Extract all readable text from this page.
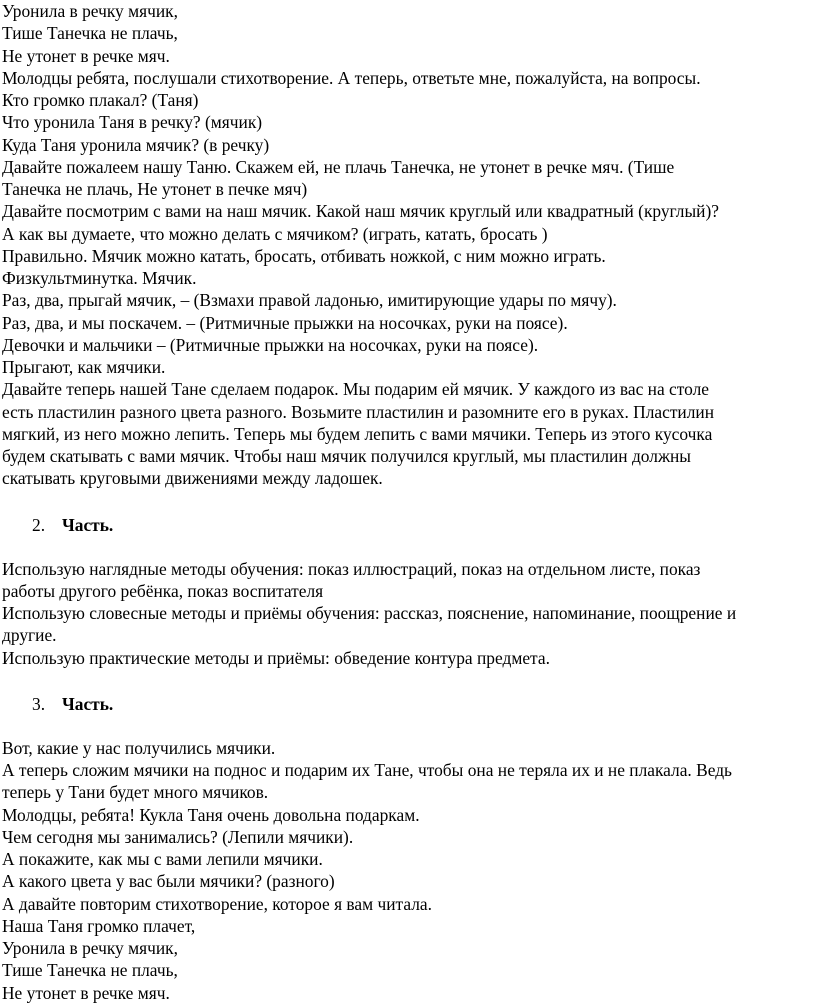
Уронила в речку мячик,
Тише Танечка не плачь,
Не утонет в речке мяч.
Молодцы ребята, послушали стихотворение. А теперь, ответьте мне, пожалуйста, на вопросы.
Кто громко плакал? (Таня)
Что уронила Таня в речку? (мячик)
Куда Таня уронила мячик? (в речку)
Давайте пожалеем нашу Таню. Скажем ей, не плачь Танечка, не утонет в речке мяч. (Тише
Танечка не плачь, Не утонет в печке мяч)
Давайте посмотрим с вами на наш мячик. Какой наш мячик круглый или квадратный (круглый)?
А как вы думаете, что можно делать с мячиком? (играть, катать, бросать )
Правильно. Мячик можно катать, бросать, отбивать ножкой, с ним можно играть.
Физкультминутка. Мячик.
Раз, два, прыгай мячик, – (Взмахи правой ладонью, имитирующие удары по мячу).
Раз, два, и мы поскачем. – (Ритмичные прыжки на носочках, руки на поясе).
Девочки и мальчики – (Ритмичные прыжки на носочках, руки на поясе).
Прыгают, как мячики.
Давайте теперь нашей Тане сделаем подарок. Мы подарим ей мячик. У каждого из вас на столе
есть пластилин разного цвета разного. Возьмите пластилин и разомните его в руках. Пластилин
мягкий, из него можно лепить. Теперь мы будем лепить с вами мячики. Теперь из этого кусочка
будем скатывать с вами мячик. Чтобы наш мячик получился круглый, мы пластилин должны
скатывать круговыми движениями между ладошек.
2. Часть.
Использую наглядные методы обучения: показ иллюстраций, показ на отдельном листе, показ
работы другого ребёнка, показ воспитателя
Использую словесные методы и приёмы обучения: рассказ, пояснение, напоминание, поощрение и
другие.
Использую практические методы и приёмы: обведение контура предмета.
3. Часть.
Вот, какие у нас получились мячики.
А теперь сложим мячики на поднос и подарим их Тане, чтобы она не теряла их и не плакала. Ведь
теперь у Тани будет много мячиков.
Молодцы, ребята! Кукла Таня очень довольна подаркам.
Чем сегодня мы занимались? (Лепили мячики).
А покажите, как мы с вами лепили мячики.
А какого цвета у вас были мячики? (разного)
А давайте повторим стихотворение, которое я вам читала.
Наша Таня громко плачет,
Уронила в речку мячик,
Тише Танечка не плачь,
Не утонет в речке мяч.
